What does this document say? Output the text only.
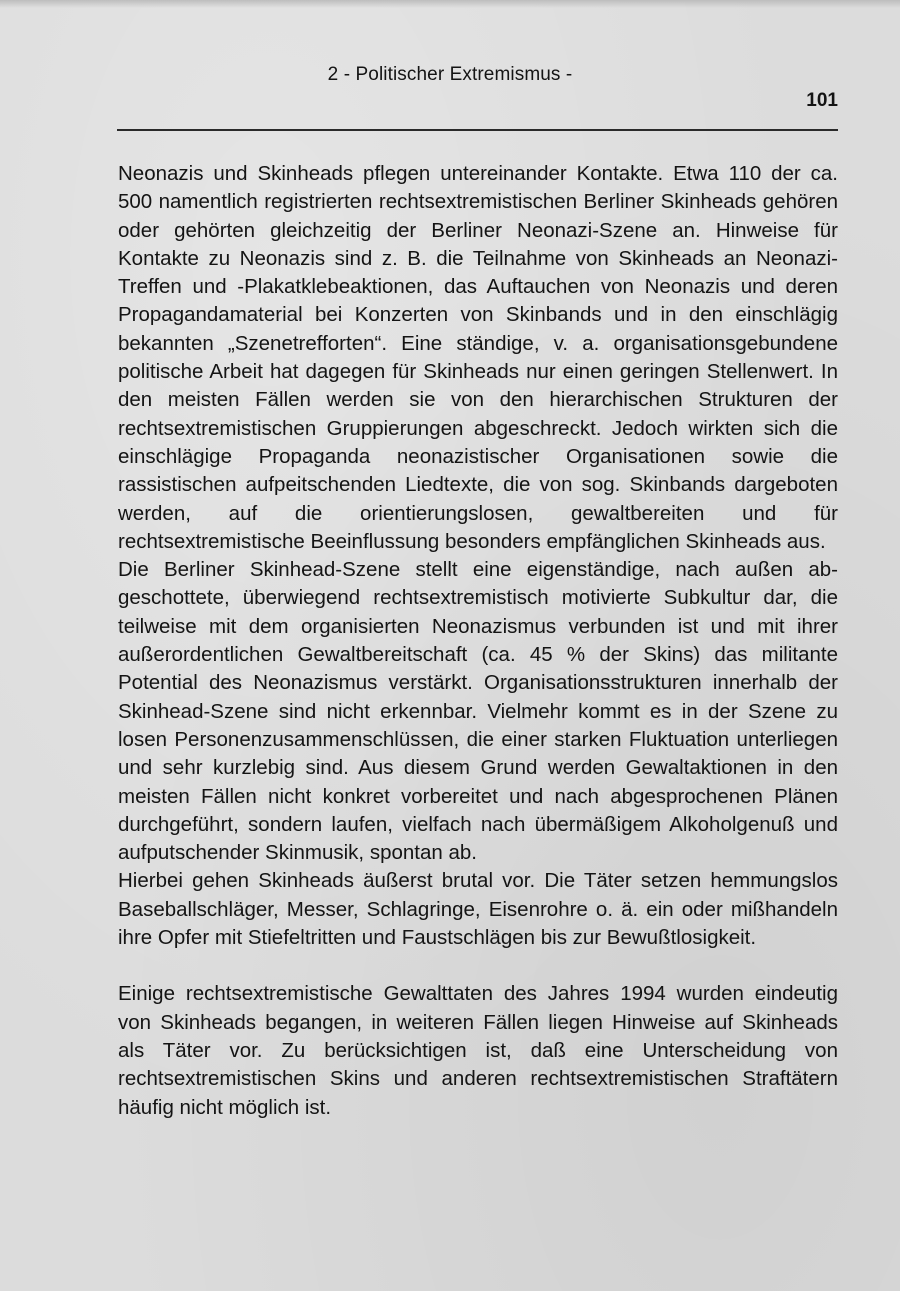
2 - Politischer Extremismus -
101

Neonazis und Skinheads pflegen untereinander Kontakte. Etwa 110 der ca. 500 namentlich registrierten rechtsextremistischen Berliner Skinheads gehören oder gehörten gleichzeitig der Berliner Neonazi-Szene an. Hinweise für Kontakte zu Neonazis sind z. B. die Teilnahme von Skinheads an Neonazi-Treffen und -Plakatklebeaktionen, das Auftauchen von Neonazis und deren Propagandamaterial bei Konzerten von Skinbands und in den einschlägig bekannten „Szenetrefforten“. Eine ständige, v. a. organisationsgebundene politische Arbeit hat dagegen für Skinheads nur einen geringen Stellenwert. In den meisten Fällen werden sie von den hierarchischen Strukturen der rechtsextremistischen Gruppierungen abgeschreckt. Jedoch wirkten sich die einschlägige Propaganda neonazistischer Organisationen sowie die rassistischen aufpeitschenden Liedtexte, die von sog. Skinbands dargeboten werden, auf die orientierungslosen, gewaltbereiten und für rechtsextremistische Beeinflussung besonders empfänglichen Skinheads aus.

Die Berliner Skinhead-Szene stellt eine eigenständige, nach außen abgeschottete, überwiegend rechtsextremistisch motivierte Subkultur dar, die teilweise mit dem organisierten Neonazismus verbunden ist und mit ihrer außerordentlichen Gewaltbereitschaft (ca. 45 % der Skins) das militante Potential des Neonazismus verstärkt. Organisationsstrukturen innerhalb der Skinhead-Szene sind nicht erkennbar. Vielmehr kommt es in der Szene zu losen Personenzusammenschlüssen, die einer starken Fluktuation unterliegen und sehr kurzlebig sind. Aus diesem Grund werden Gewaltaktionen in den meisten Fällen nicht konkret vorbereitet und nach abgesprochenen Plänen durchgeführt, sondern laufen, vielfach nach übermäßigem Alkoholgenuß und aufputschender Skinmusik, spontan ab.

Hierbei gehen Skinheads äußerst brutal vor. Die Täter setzen hemmungslos Baseballschläger, Messer, Schlagringe, Eisenrohre o. ä. ein oder mißhandeln ihre Opfer mit Stiefeltritten und Faustschlägen bis zur Bewußtlosigkeit.

Einige rechtsextremistische Gewalttaten des Jahres 1994 wurden eindeutig von Skinheads begangen, in weiteren Fällen liegen Hinweise auf Skinheads als Täter vor. Zu berücksichtigen ist, daß eine Unterscheidung von rechtsextremistischen Skins und anderen rechtsextremistischen Straftätern häufig nicht möglich ist.
